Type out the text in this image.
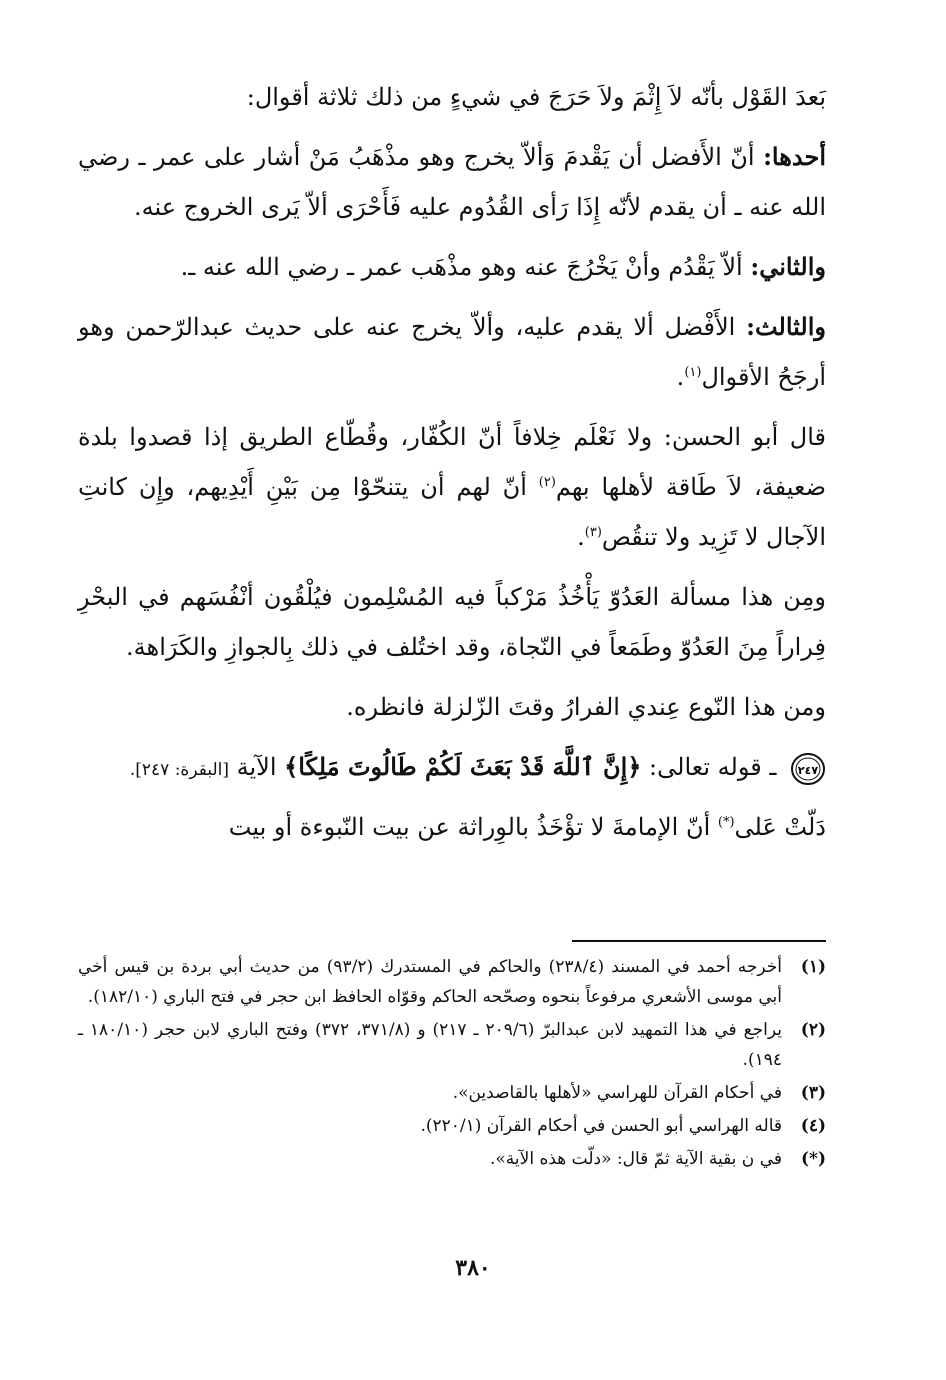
بَعدَ القَوْل بأنّه لاَ إِثْمَ ولاَ حَرَجَ في شيءٍ من ذلك ثلاثة أقوال:

أحدها: أنّ الأَفضل أن يَقْدمَ وَألاّ يخرج وهو مذْهَبُ مَنْ أشار على عمر ـ رضي الله عنه ـ أن يقدم لأنّه إِذَا رَأى القُدُوم عليه فَأَحْرَى ألاّ يَرى الخروج عنه.

والثاني: ألاّ يَقْدُم وأنْ يَخْرُجَ عنه وهو مذْهَب عمر ـ رضي الله عنه ـ.

والثالث: الأَفْضل ألا يقدم عليه، وألاّ يخرج عنه على حديث عبدالرّحمن وهو أرجَحُ الأقوال$^{(١)}$.

قال أبو الحسن: ولا نَعْلَم خِلافاً أنّ الكُفّار، وقُطّاع الطريق إذا قصدوا بلدة ضعيفة، لاَ طَاقة لأهلها بهم$^{(٢)}$ أنّ لهم أن يتنحّوْا مِن بَيْنِ أَيْدِيهم، وإِن كانتِ الآجال لا تَزِيد ولا تنقُص$^{(٣)}$.

ومِن هذا مسألة العَدُوّ يَأْخُذُ مَرْكباً فيه المُسْلِمون فيُلْقُون أنْفُسَهم في البحْرِ فِراراً مِنَ العَدُوّ وطَمَعاً في النّجاة، وقد اختُلف في ذلك بِالجوازِ والكَرَاهة.

ومن هذا النّوع عِندي الفرارُ وقتَ الزّلزلة فانظره.

٢٤٧
ـ قوله تعالى: ﴿إِنَّ ٱللَّهَ قَدْ بَعَثَ لَكُمْ طَالُوتَ مَلِكًا﴾ الآية [البقرة: ٢٤٧].

دَلّتْ عَلى(*) أنّ الإمامةَ لا تؤْخَذُ بالوِراثة عن بيت النّبوءة أو بيت

(١)
أخرجه أحمد في المسند (٢٣٨/٤) والحاكم في المستدرك (٩٣/٢) من حديث أبي بردة بن قيس أخي أبي موسى الأشعري مرفوعاً بنحوه وصحّحه الحاكم وقوّاه الحافظ ابن حجر في فتح الباري (١٨٢/١٠).
(٢)
يراجع في هذا التمهيد لابن عبدالبرّ (٢٠٩/٦ ـ ٢١٧) و (٣٧١/٨، ٣٧٢) وفتح الباري لابن حجر (١٨٠/١٠ ـ ١٩٤).
(٣)
في أحكام القرآن للهراسي «لأهلها بالقاصدين».
(٤)
قاله الهراسي أبو الحسن في أحكام القرآن (٢٢٠/١).
(*)
في ن بقية الآية ثمّ قال: «دلّت هذه الآية».
٣٨٠
